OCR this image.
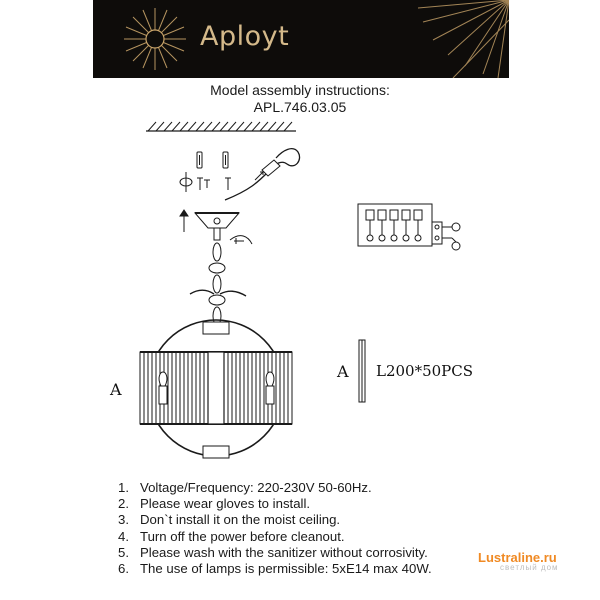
Aployt
Model assembly instructions:
APL.746.03.05
A
A L200*50PCS
1. Voltage/Frequency: 220-230V 50-60Hz.
2. Please wear gloves to install.
3. Don`t install it on the moist ceiling.
4. Turn off the power before cleanout.
5. Please wash with the sanitizer without corrosivity.
6. The use of lamps is permissible: 5xE14 max 40W.
Lustraline.ru
светлый дом
